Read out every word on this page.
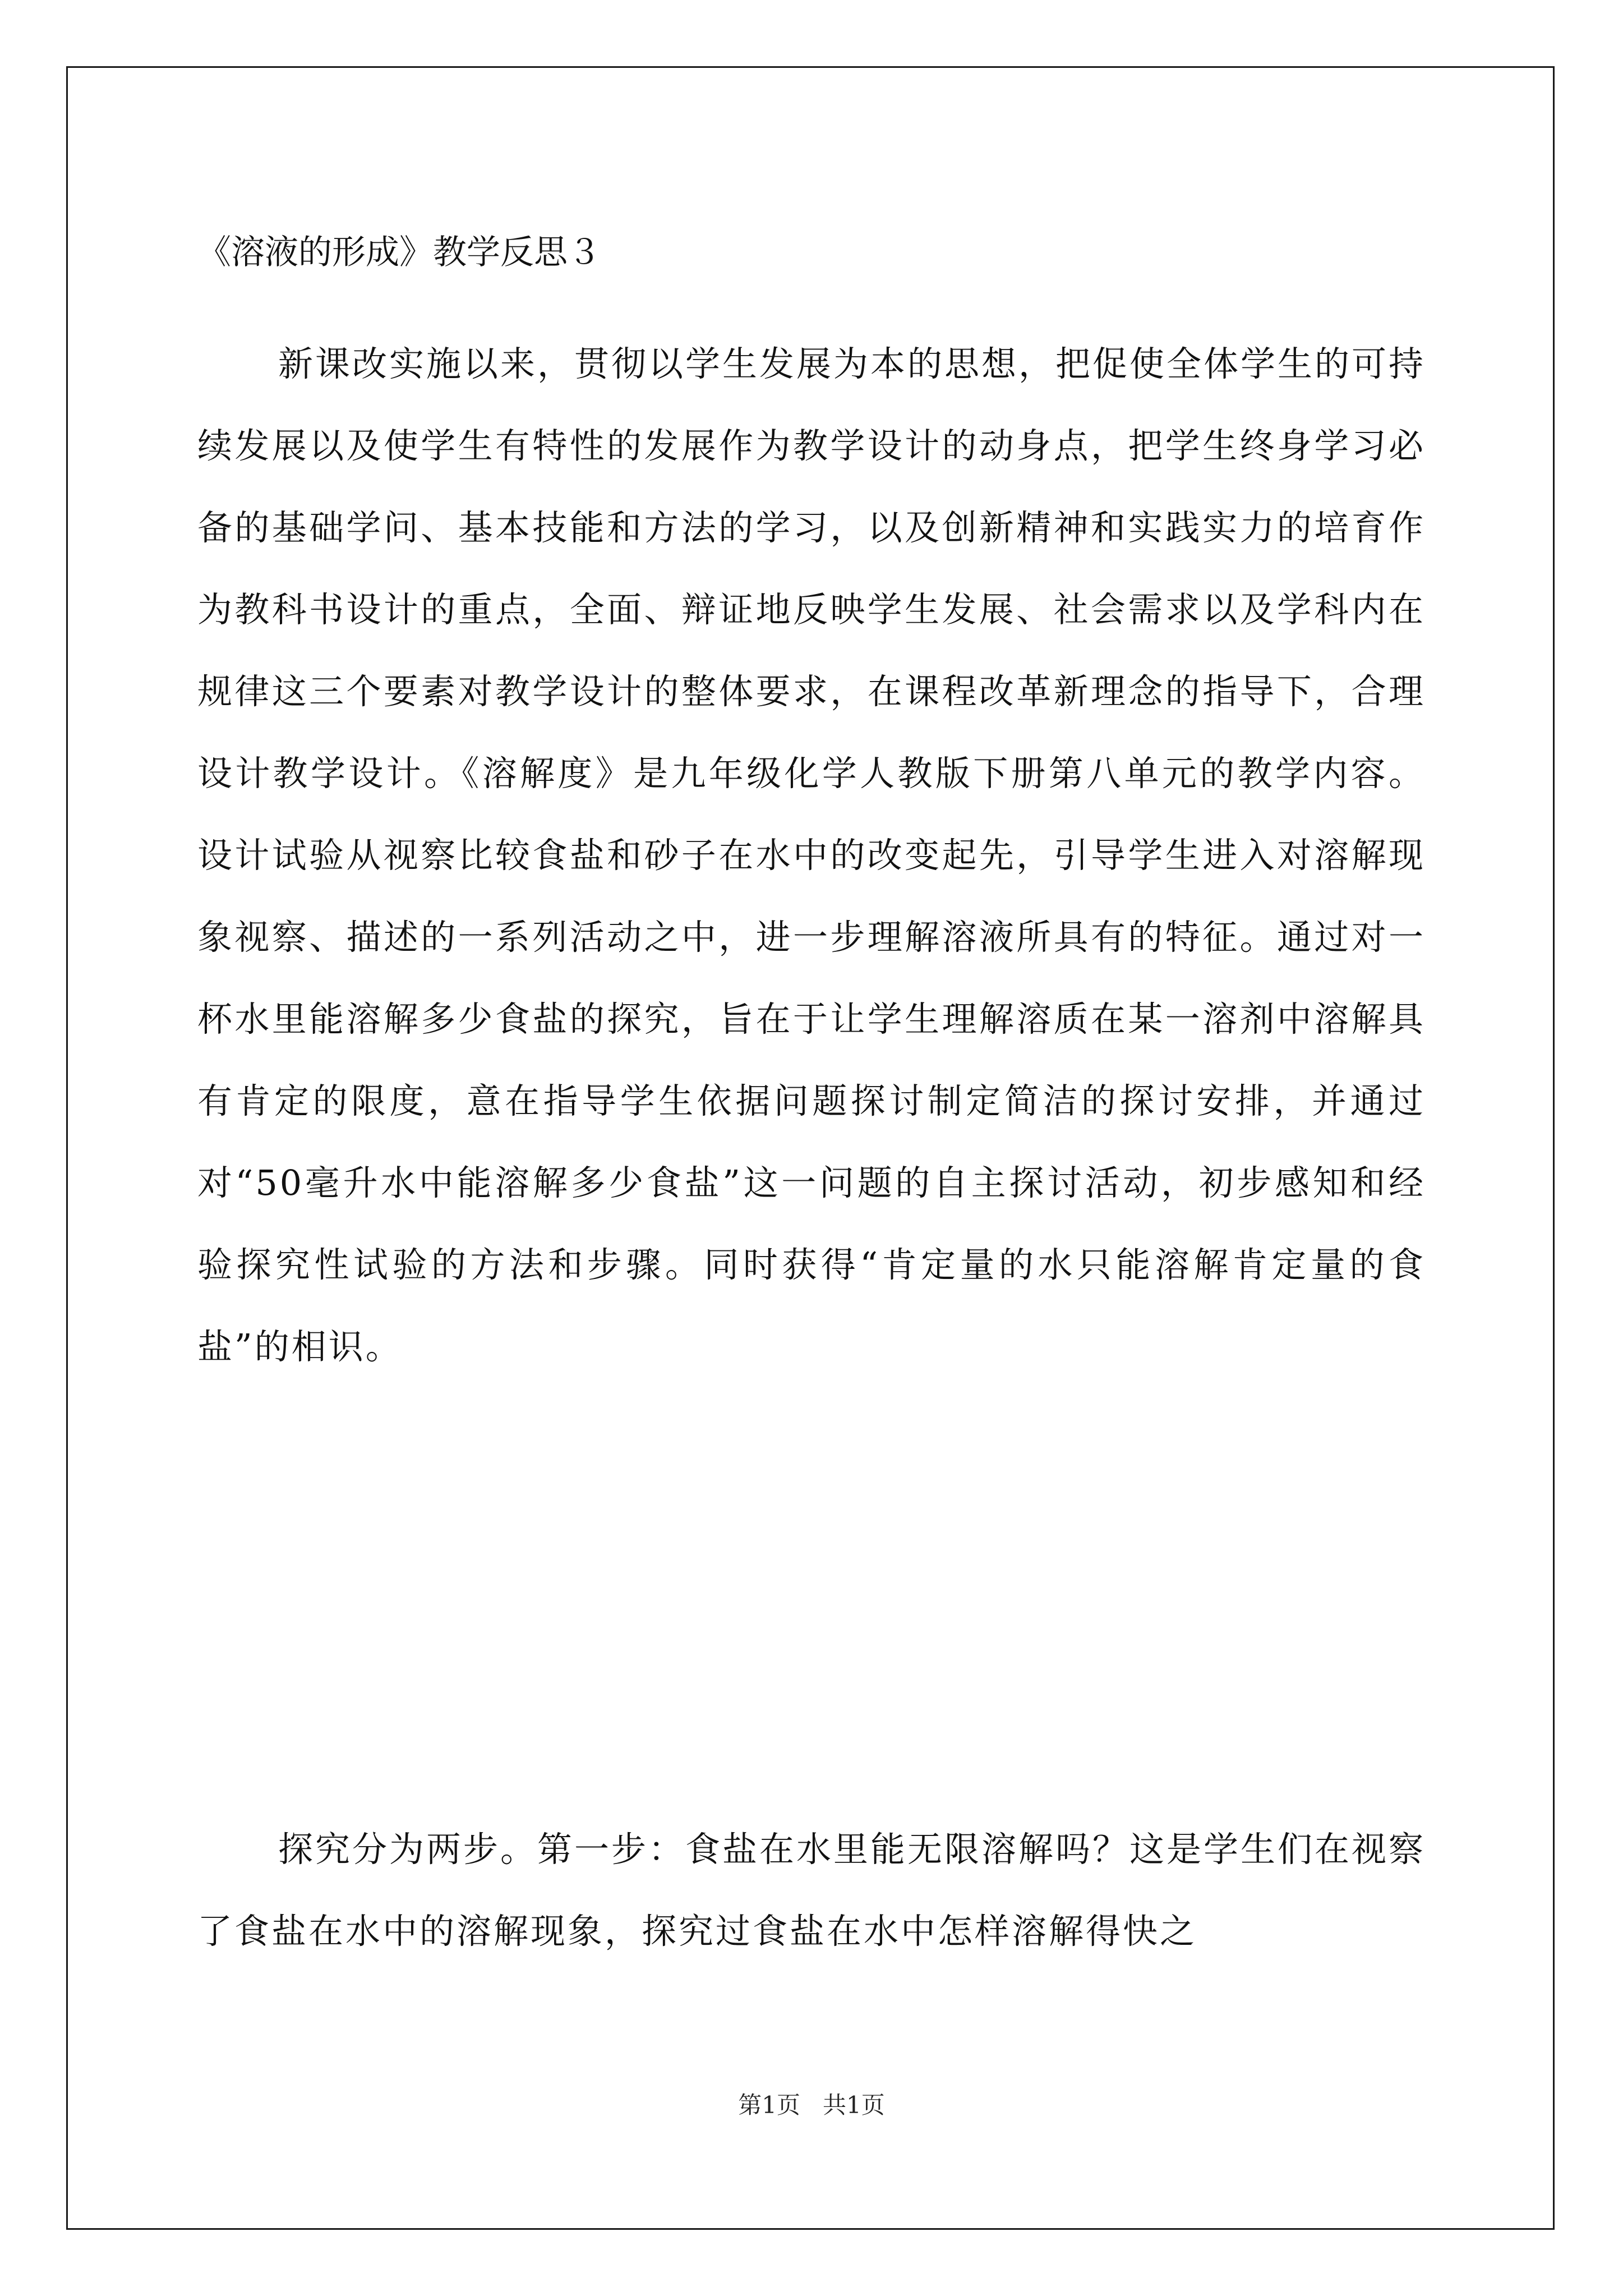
《溶液的形成》教学反思３

新课改实施以来，贯彻以学生发展为本的思想，把促使全体学生的可持续发展以及使学生有特性的发展作为教学设计的动身点，把学生终身学习必备的基础学问、基本技能和方法的学习，以及创新精神和实践实力的培育作为教科书设计的重点，全面、辩证地反映学生发展、社会需求以及学科内在规律这三个要素对教学设计的整体要求，在课程改革新理念的指导下，合理设计教学设计。《溶解度》是九年级化学人教版下册第八单元的教学内容。设计试验从视察比较食盐和砂子在水中的改变起先，引导学生进入对溶解现象视察、描述的一系列活动之中，进一步理解溶液所具有的特征。通过对一杯水里能溶解多少食盐的探究，旨在于让学生理解溶质在某一溶剂中溶解具有肯定的限度，意在指导学生依据问题探讨制定简洁的探讨安排，并通过对“50毫升水中能溶解多少食盐”这一问题的自主探讨活动，初步感知和经验探究性试验的方法和步骤。同时获得“肯定量的水只能溶解肯定量的食盐”的相识。

探究分为两步。第一步：食盐在水里能无限溶解吗？这是学生们在视察了食盐在水中的溶解现象，探究过食盐在水中怎样溶解得快之

第1页   共1页
